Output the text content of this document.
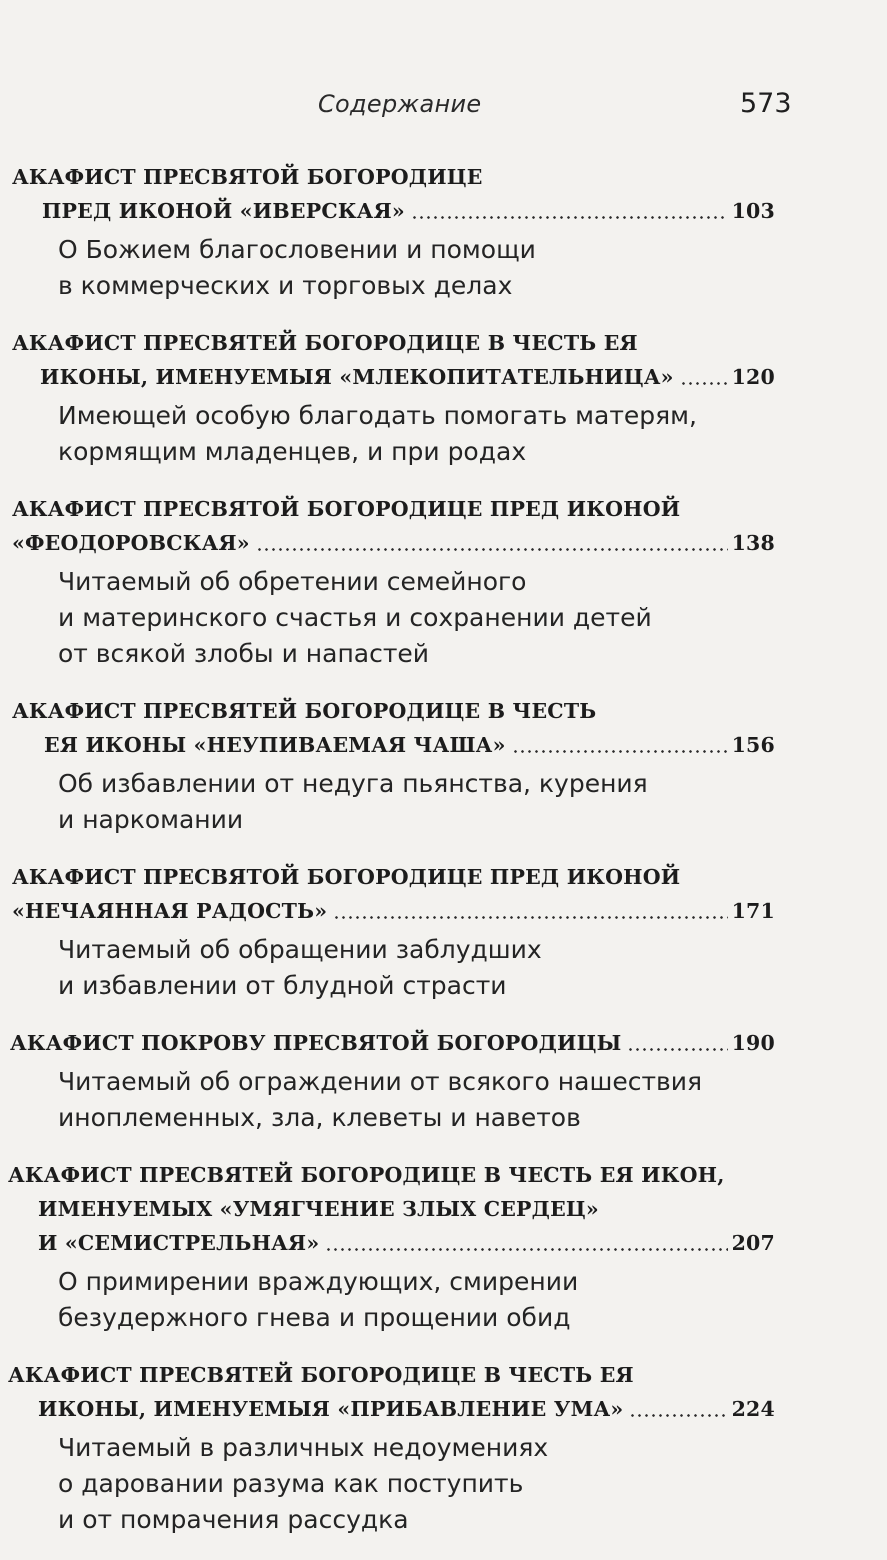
Содержание	573
АКАФИСТ ПРЕСВЯТОЙ БОГОРОДИЦЕ
ПРЕД ИКОНОЙ «ИВЕРСКАЯ»	103
О Божием благословении и помощи
в коммерческих и торговых делах
АКАФИСТ ПРЕСВЯТЕЙ БОГОРОДИЦЕ В ЧЕСТЬ ЕЯ
ИКОНЫ, ИМЕНУЕМЫЯ «МЛЕКОПИТАТЕЛЬНИЦА»	120
Имеющей особую благодать помогать матерям,
кормящим младенцев, и при родах
АКАФИСТ ПРЕСВЯТОЙ БОГОРОДИЦЕ ПРЕД ИКОНОЙ
«ФЕОДОРОВСКАЯ»	138
Читаемый об обретении семейного
и материнского счастья и сохранении детей
от всякой злобы и напастей
АКАФИСТ ПРЕСВЯТЕЙ БОГОРОДИЦЕ В ЧЕСТЬ
ЕЯ ИКОНЫ «НЕУПИВАЕМАЯ ЧАША»	156
Об избавлении от недуга пьянства, курения
и наркомании
АКАФИСТ ПРЕСВЯТОЙ БОГОРОДИЦЕ ПРЕД ИКОНОЙ
«НЕЧАЯННАЯ РАДОСТЬ»	171
Читаемый об обращении заблудших
и избавлении от блудной страсти
АКАФИСТ ПОКРОВУ ПРЕСВЯТОЙ БОГОРОДИЦЫ	190
Читаемый об ограждении от всякого нашествия
иноплеменных, зла, клеветы и наветов
АКАФИСТ ПРЕСВЯТЕЙ БОГОРОДИЦЕ В ЧЕСТЬ ЕЯ ИКОН,
ИМЕНУЕМЫХ «УМЯГЧЕНИЕ ЗЛЫХ СЕРДЕЦ»
И «СЕМИСТРЕЛЬНАЯ»	207
О примирении враждующих, смирении
безудержного гнева и прощении обид
АКАФИСТ ПРЕСВЯТЕЙ БОГОРОДИЦЕ В ЧЕСТЬ ЕЯ
ИКОНЫ, ИМЕНУЕМЫЯ «ПРИБАВЛЕНИЕ УМА»	224
Читаемый в различных недоумениях
о даровании разума как поступить
и от помрачения рассудка
